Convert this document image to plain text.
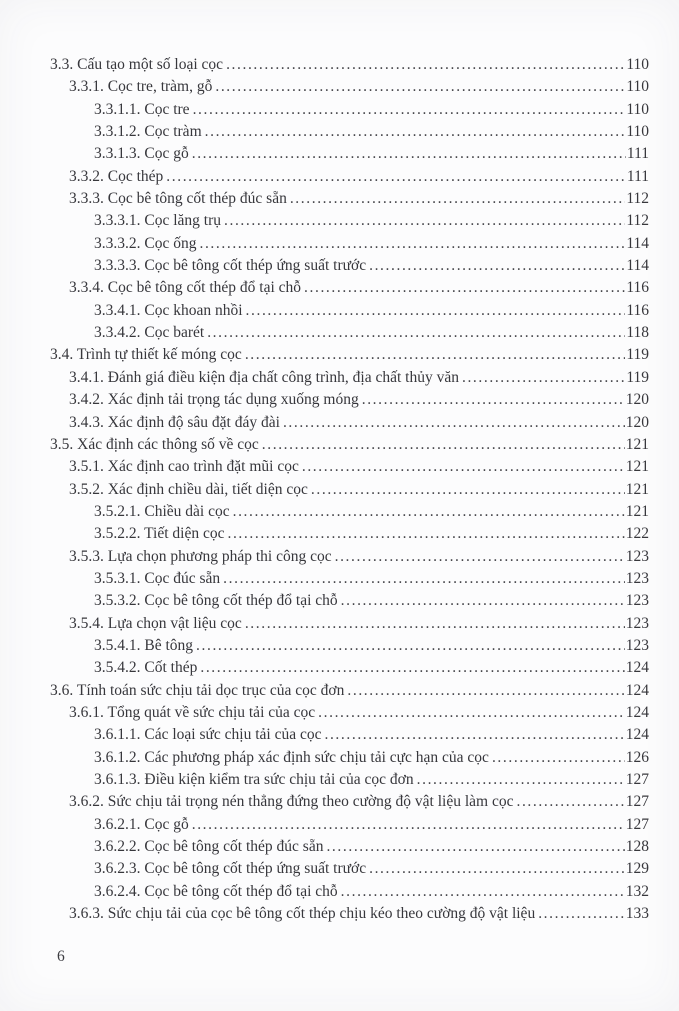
3.3. Cấu tạo một số loại cọc .....	110
3.3.1. Cọc tre, tràm, gỗ .....	110
3.3.1.1. Cọc tre .....	110
3.3.1.2. Cọc tràm .....	110
3.3.1.3. Cọc gỗ .....	111
3.3.2. Cọc thép .....	111
3.3.3. Cọc bê tông cốt thép đúc sẵn .....	112
3.3.3.1. Cọc lăng trụ .....	112
3.3.3.2. Cọc ống .....	114
3.3.3.3. Cọc bê tông cốt thép ứng suất trước .....	114
3.3.4. Cọc bê tông cốt thép đổ tại chỗ .....	116
3.3.4.1. Cọc khoan nhồi .....	116
3.3.4.2. Cọc barét .....	118
3.4. Trình tự thiết kế móng cọc .....	119
3.4.1. Đánh giá điều kiện địa chất công trình, địa chất thủy văn .....	119
3.4.2. Xác định tải trọng tác dụng xuống móng .....	120
3.4.3. Xác định độ sâu đặt đáy đài .....	120
3.5. Xác định các thông số về cọc .....	121
3.5.1. Xác định cao trình đặt mũi cọc .....	121
3.5.2. Xác định chiều dài, tiết diện cọc .....	121
3.5.2.1. Chiều dài cọc .....	121
3.5.2.2. Tiết diện cọc .....	122
3.5.3. Lựa chọn phương pháp thi công cọc .....	123
3.5.3.1. Cọc đúc sẵn .....	123
3.5.3.2. Cọc bê tông cốt thép đổ tại chỗ .....	123
3.5.4. Lựa chọn vật liệu cọc .....	123
3.5.4.1. Bê tông .....	123
3.5.4.2. Cốt thép .....	124
3.6. Tính toán sức chịu tải dọc trục của cọc đơn .....	124
3.6.1. Tổng quát về sức chịu tải của cọc .....	124
3.6.1.1. Các loại sức chịu tải của cọc .....	124
3.6.1.2. Các phương pháp xác định sức chịu tải cực hạn của cọc .....	126
3.6.1.3. Điều kiện kiểm tra sức chịu tải của cọc đơn .....	127
3.6.2. Sức chịu tải trọng nén thẳng đứng theo cường độ vật liệu làm cọc .....	127
3.6.2.1. Cọc gỗ .....	127
3.6.2.2. Cọc bê tông cốt thép đúc sẵn .....	128
3.6.2.3. Cọc bê tông cốt thép ứng suất trước .....	129
3.6.2.4. Cọc bê tông cốt thép đổ tại chỗ .....	132
3.6.3. Sức chịu tải của cọc bê tông cốt thép chịu kéo theo cường độ vật liệu .....	133
6
